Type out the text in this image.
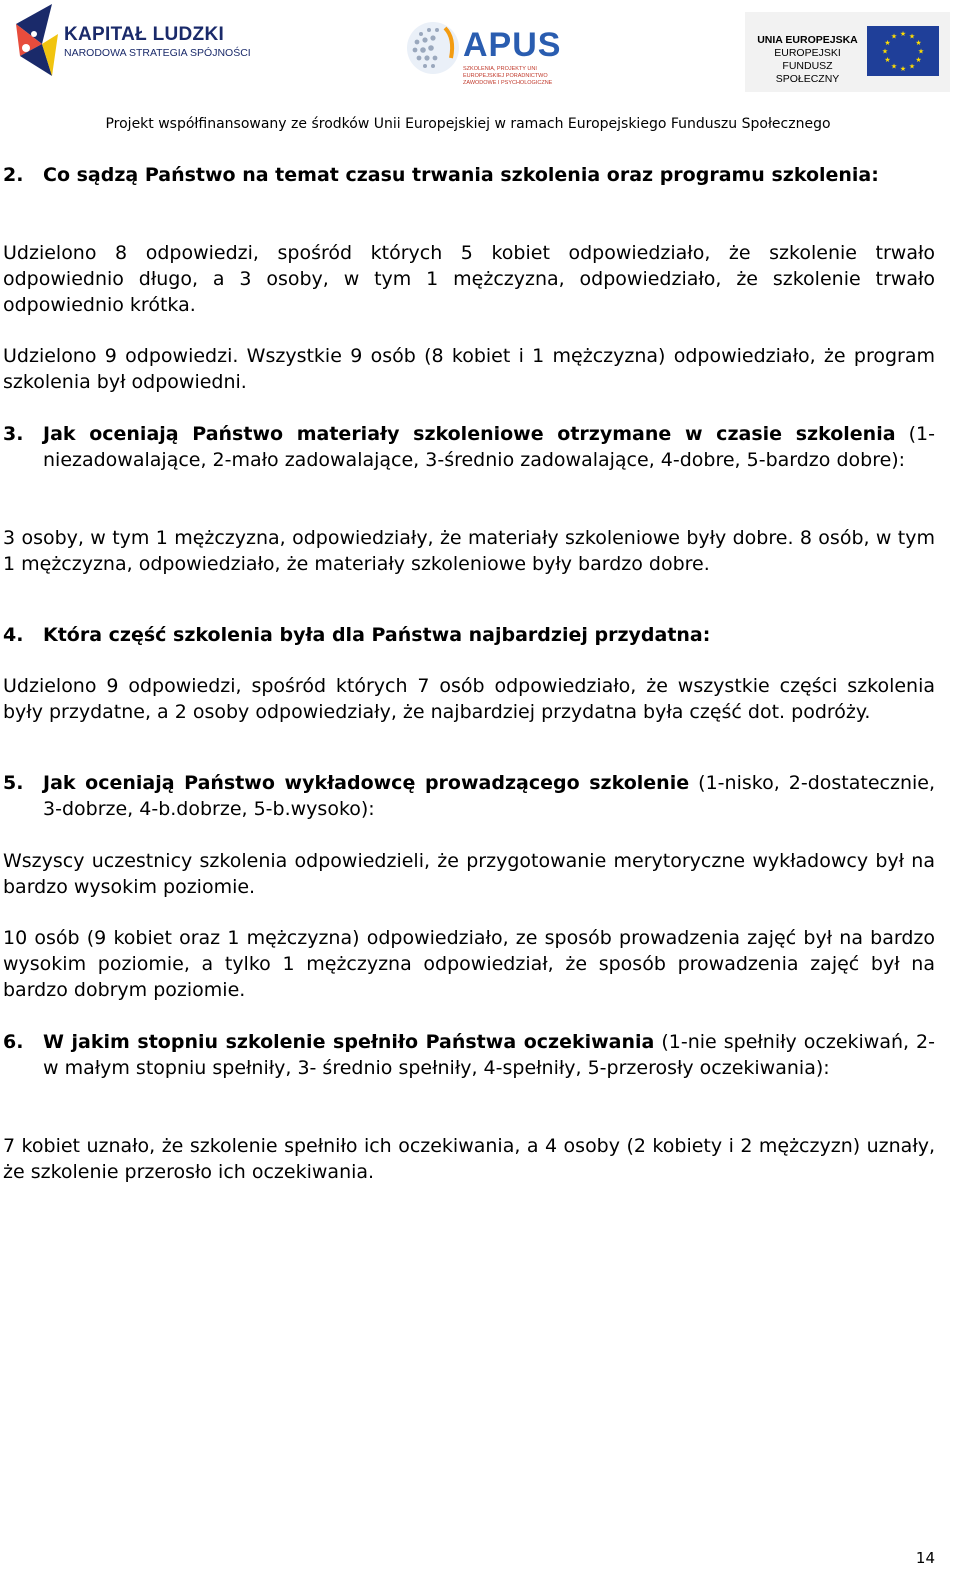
KAPITAŁ LUDZKI
NARODOWA STRATEGIA SPÓJNOŚCI	APUS
SZKOLENIA, PROJEKTY UNI EUROPEJSKIEJ PORADNICTWO ZAWODOWE I PSYCHOLOGICZNE
UNIA EUROPEJSKA
EUROPEJSKI
FUNDUSZ SPOŁECZNY
★ ★
★
★
★
★
★
★
★
★
★
★
Projekt współfinansowany ze środków Unii Europejskiej w ramach Europejskiego Funduszu Społecznego
2. Co sądzą Państwo na temat czasu trwania szkolenia oraz programu szkolenia:

Udzielono 8 odpowiedzi, spośród których 5 kobiet odpowiedziało, że szkolenie trwało odpowiednio długo, a 3 osoby, w tym 1 mężczyzna, odpowiedziało, że szkolenie trwało odpowiednio krótka.

Udzielono 9 odpowiedzi. Wszystkie 9 osób (8 kobiet i 1 mężczyzna) odpowiedziało, że program szkolenia był odpowiedni.

3. Jak oceniają Państwo materiały szkoleniowe otrzymane w czasie szkolenia (1-niezadowalające, 2-mało zadowalające, 3-średnio zadowalające, 4-dobre, 5-bardzo dobre):

3 osoby, w tym 1 mężczyzna, odpowiedziały, że materiały szkoleniowe były dobre. 8 osób, w tym 1 mężczyzna, odpowiedziało, że materiały szkoleniowe były bardzo dobre.

4. Która część szkolenia była dla Państwa najbardziej przydatna:

Udzielono 9 odpowiedzi, spośród których 7 osób odpowiedziało, że wszystkie części szkolenia były przydatne, a 2 osoby odpowiedziały, że najbardziej przydatna była część dot. podróży.

5. Jak oceniają Państwo wykładowcę prowadzącego szkolenie (1-nisko, 2-dostatecznie, 3-dobrze, 4-b.dobrze, 5-b.wysoko):

Wszyscy uczestnicy szkolenia odpowiedzieli, że przygotowanie merytoryczne wykładowcy był na bardzo wysokim poziomie.

10 osób (9 kobiet oraz 1 mężczyzna) odpowiedziało, ze sposób prowadzenia zajęć był na bardzo wysokim poziomie, a tylko 1 mężczyzna odpowiedział, że sposób prowadzenia zajęć był na bardzo dobrym poziomie.

6. W jakim stopniu szkolenie spełniło Państwa oczekiwania (1-nie spełniły oczekiwań, 2-w małym stopniu spełniły, 3- średnio spełniły, 4-spełniły, 5-przerosły oczekiwania):

7 kobiet uznało, że szkolenie spełniło ich oczekiwania, a 4 osoby (2 kobiety i 2 mężczyzn) uznały, że szkolenie przerosło ich oczekiwania.

14
